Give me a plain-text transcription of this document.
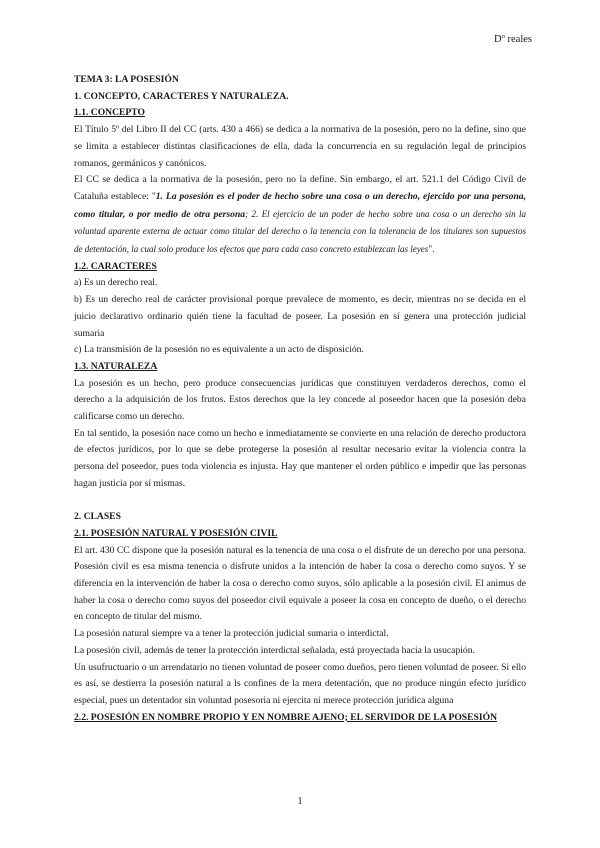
Dº reales
TEMA 3: LA POSESIÓN
1. CONCEPTO, CARACTERES Y NATURALEZA.
1.1. CONCEPTO

El Título 5º del Libro II del CC (arts. 430 a 466) se dedica a la normativa de la posesión, pero no la define, sino que se limita a establecer distintas clasificaciones de ella, dada la concurrencia en su regulación legal de principios romanos, germánicos y canónicos.

El CC se dedica a la normativa de la posesión, pero no la define. Sin embargo, el art. 521.1 del Código Civil de Cataluña establece: "1. La posesión es el poder de hecho sobre una cosa o un derecho, ejercido por una persona, como titular, o por medio de otra persona; 2. El ejercicio de un poder de hecho sobre una cosa o un derecho sin la voluntad aparente externa de actuar como titular del derecho o la tenencia con la tolerancia de los titulares son supuestos de detentación, la cual solo produce los efectos que para cada caso concreto establezcan las leyes".

1.2. CARACTERES

a) Es un derecho real.

b) Es un derecho real de carácter provisional porque prevalece de momento, es decir, mientras no se decida en el juicio declarativo ordinario quién tiene la facultad de poseer. La posesión en sí genera una protección judicial sumaria

c) La transmisión de la posesión no es equivalente a un acto de disposición.

1.3. NATURALEZA

La posesión es un hecho, pero produce consecuencias jurídicas que constituyen verdaderos derechos, como el derecho a la adquisición de los frutos. Estos derechos que la ley concede al poseedor hacen que la posesión deba calificarse como un derecho.

En tal sentido, la posesión nace como un hecho e inmediatamente se convierte en una relación de derecho productora de efectos jurídicos, por lo que se debe protegerse la posesión al resultar necesario evitar la violencia contra la persona del poseedor, pues toda violencia es injusta. Hay que mantener el orden público e impedir que las personas hagan justicia por sí mismas.

2. CLASES
2.1. POSESIÓN NATURAL Y POSESIÓN CIVIL

El art. 430 CC dispone que la posesión natural es la tenencia de una cosa o el disfrute de un derecho por una persona. Posesión civil es esa misma tenencia o disfrute unidos a la intención de haber la cosa o derecho como suyos. Y se diferencia en la intervención de haber la cosa o derecho como suyos, sólo aplicable a la posesión civil. El animus de haber la cosa o derecho como suyos del poseedor civil equivale a poseer la cosa en concepto de dueño, o el derecho en concepto de titular del mismo.

La posesión natural siempre va a tener la protección judicial sumaria o interdictal.

La posesión civil, además de tener la protección interdictal señalada, está proyectada hacia la usucapión.

Un usufructuario o un arrendatario no tienen voluntad de poseer como dueños, pero tienen voluntad de poseer. Si ello es así, se destierra la posesión natural a ls confines de la mera detentación, que no produce ningún efecto jurídico especial, pues un detentador sin voluntad posesoria ni ejercita ni merece protección jurídica alguna

2.2. POSESIÓN EN NOMBRE PROPIO Y EN NOMBRE AJENO; EL SERVIDOR DE LA POSESIÓN
1
